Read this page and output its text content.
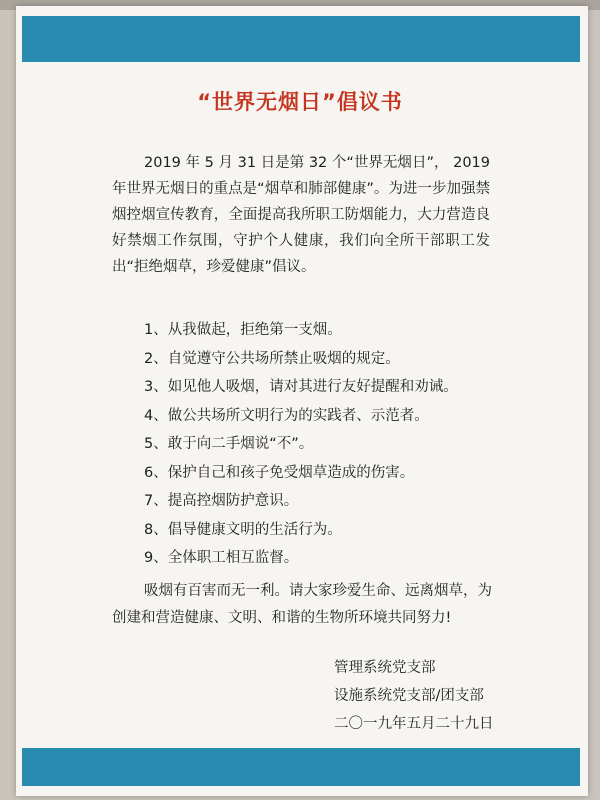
“世界无烟日”倡议书

2019 年 5 月 31 日是第 32 个“世界无烟日”， 2019 年世界无烟日的重点是“烟草和肺部健康”。为进一步加强禁烟控烟宣传教育，全面提高我所职工防烟能力，大力营造良好禁烟工作氛围，守护个人健康，我们向全所干部职工发出“拒绝烟草，珍爱健康”倡议。

1、从我做起，拒绝第一支烟。
2、自觉遵守公共场所禁止吸烟的规定。
3、如见他人吸烟，请对其进行友好提醒和劝诫。
4、做公共场所文明行为的实践者、示范者。
5、敢于向二手烟说“不”。
6、保护自己和孩子免受烟草造成的伤害。
7、提高控烟防护意识。
8、倡导健康文明的生活行为。
9、全体职工相互监督。

吸烟有百害而无一利。请大家珍爱生命、远离烟草，为创建和营造健康、文明、和谐的生物所环境共同努力!

管理系统党支部
设施系统党支部/团支部
二〇一九年五月二十九日
